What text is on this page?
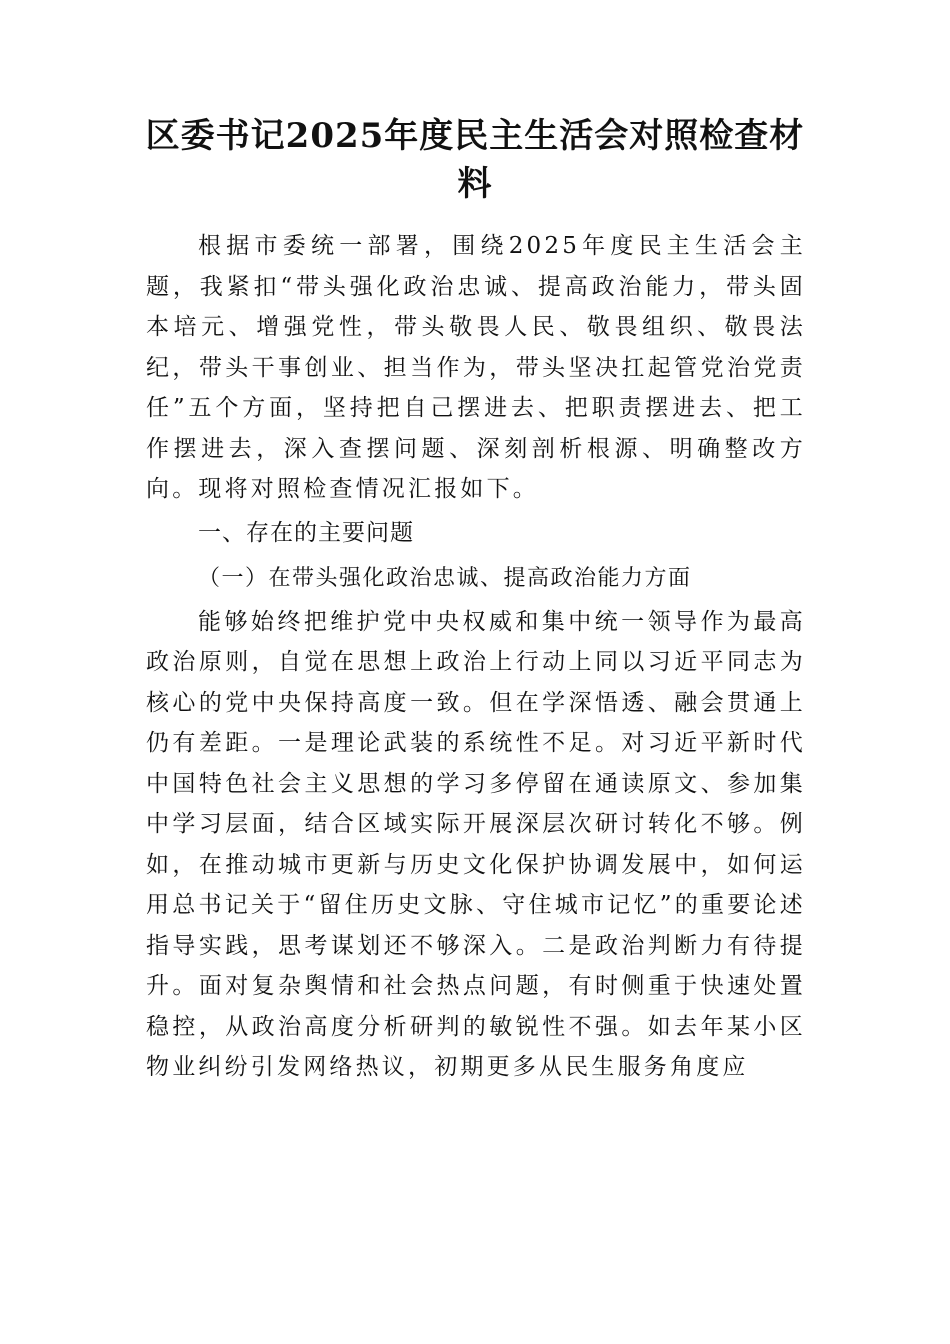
区委书记2025年度民主生活会对照检查材料

根据市委统一部署，围绕2025年度民主生活会主题，我紧扣“带头强化政治忠诚、提高政治能力，带头固本培元、增强党性，带头敬畏人民、敬畏组织、敬畏法纪，带头干事创业、担当作为，带头坚决扛起管党治党责任”五个方面，坚持把自己摆进去、把职责摆进去、把工作摆进去，深入查摆问题、深刻剖析根源、明确整改方向。现将对照检查情况汇报如下。

一、存在的主要问题

（一）在带头强化政治忠诚、提高政治能力方面

能够始终把维护党中央权威和集中统一领导作为最高政治原则，自觉在思想上政治上行动上同以习近平同志为核心的党中央保持高度一致。但在学深悟透、融会贯通上仍有差距。一是理论武装的系统性不足。对习近平新时代中国特色社会主义思想的学习多停留在通读原文、参加集中学习层面，结合区域实际开展深层次研讨转化不够。例如，在推动城市更新与历史文化保护协调发展中，如何运用总书记关于“留住历史文脉、守住城市记忆”的重要论述指导实践，思考谋划还不够深入。二是政治判断力有待提升。面对复杂舆情和社会热点问题，有时侧重于快速处置稳控，从政治高度分析研判的敏锐性不强。如去年某小区物业纠纷引发网络热议，初期更多从民生服务角度应
